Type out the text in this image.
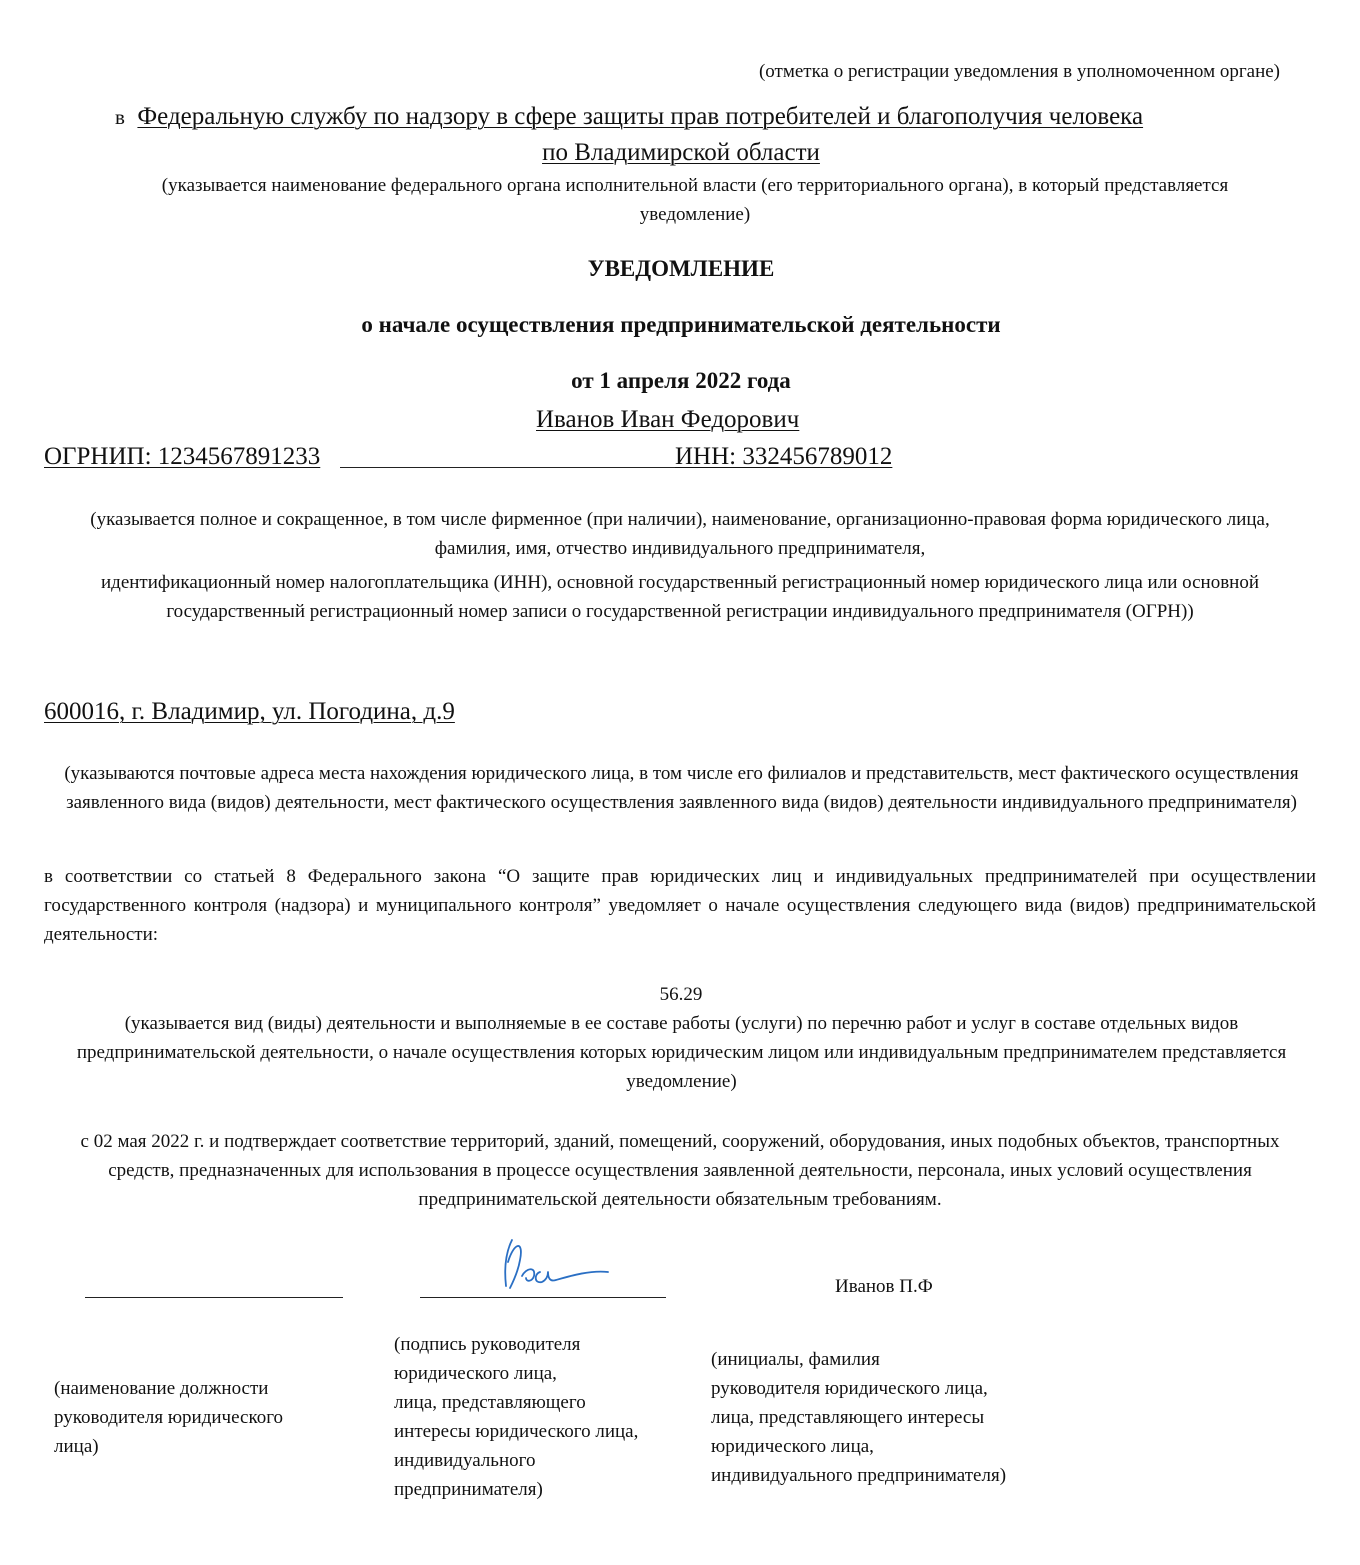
(отметка о регистрации уведомления в уполномоченном органе)
в Федеральную службу по надзору в сфере защиты прав потребителей и благополучия человека
по Владимирской области
(указывается наименование федерального органа исполнительной власти (его территориального органа), в который представляется уведомление)
УВЕДОМЛЕНИЕ
о начале осуществления предпринимательской деятельности
от 1 апреля 2022 года
Иванов Иван Федорович
ОГРНИП: 1234567891233	ИНН: 332456789012
(указывается полное и сокращенное, в том числе фирменное (при наличии), наименование, организационно-правовая форма юридического лица, фамилия, имя, отчество индивидуального предпринимателя,
идентификационный номер налогоплательщика (ИНН), основной государственный регистрационный номер юридического лица или основной государственный регистрационный номер записи о государственной регистрации индивидуального предпринимателя (ОГРН))
600016, г. Владимир, ул. Погодина, д.9
(указываются почтовые адреса места нахождения юридического лица, в том числе его филиалов и представительств, мест фактического осуществления заявленного вида (видов) деятельности, мест фактического осуществления заявленного вида (видов) деятельности индивидуального предпринимателя)
в соответствии со статьей 8 Федерального закона “О защите прав юридических лиц и индивидуальных предпринимателей при осуществлении государственного контроля (надзора) и муниципального контроля” уведомляет о начале осуществления следующего вида (видов) предпринимательской деятельности:
56.29
(указывается вид (виды) деятельности и выполняемые в ее составе работы (услуги) по перечню работ и услуг в составе отдельных видов предпринимательской деятельности, о начале осуществления которых юридическим лицом или индивидуальным предпринимателем представляется уведомление)
с 02 мая 2022 г. и подтверждает соответствие территорий, зданий, помещений, сооружений, оборудования, иных подобных объектов, транспортных средств, предназначенных для использования в процессе осуществления заявленной деятельности, персонала, иных условий осуществления предпринимательской деятельности обязательным требованиям.
Иванов П.Ф
(наименование должности
руководителя юридического
лица)
(подпись руководителя
юридического лица,
лица, представляющего
интересы юридического лица,
индивидуального
предпринимателя)
(инициалы, фамилия
руководителя юридического лица,
лица, представляющего интересы
юридического лица,
индивидуального предпринимателя)
